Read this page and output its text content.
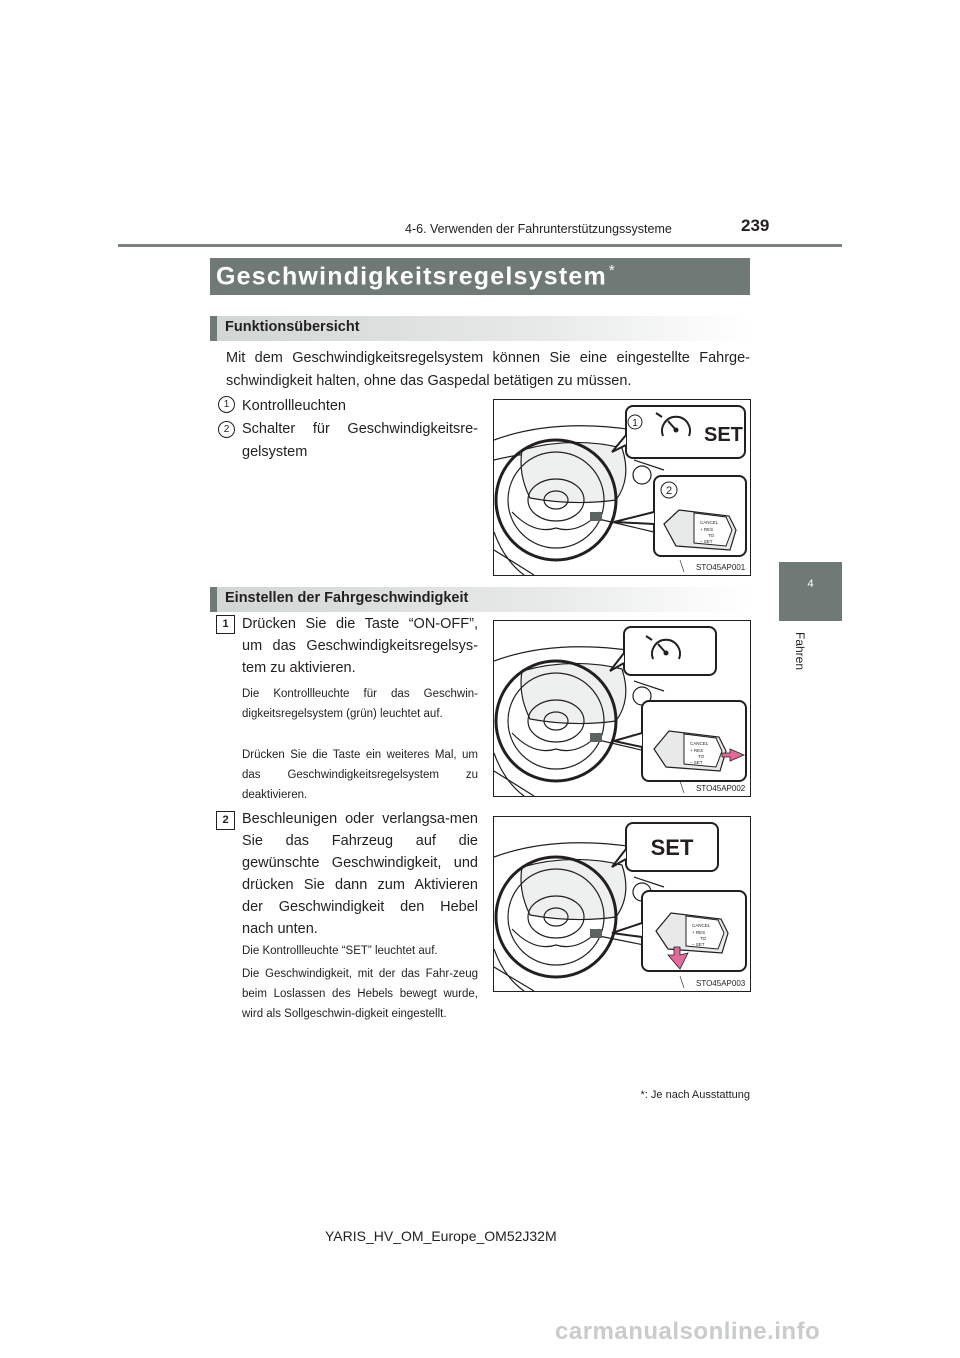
4-6. Verwenden der Fahrunterstützungssysteme	239
4
Fahren
Geschwindigkeitsregelsystem *
Funktionsübersicht
Mit dem Geschwindigkeitsregelsystem können Sie eine eingestellte Fahrge-schwindigkeit halten, ohne das Gaspedal betätigen zu müssen.
1 Kontrollleuchten
2 Schalter für Geschwindigkeitsre-gelsystem
1
SET
2
CANCEL
+ RES
TO
– SET
STO45AP001
Einstellen der Fahrgeschwindigkeit
1 Drücken Sie die Taste “ON-OFF”, um das Geschwindigkeitsregelsys-tem zu aktivieren.
Die Kontrollleuchte für das Geschwin-digkeitsregelsystem (grün) leuchtet auf.
Drücken Sie die Taste ein weiteres Mal, um das Geschwindigkeitsregelsystem zu deaktivieren.
CANCEL
+ RES
TO
– SET
STO45AP002
2 Beschleunigen oder verlangsa-men Sie das Fahrzeug auf die gewünschte Geschwindigkeit, und drücken Sie dann zum Aktivieren der Geschwindigkeit den Hebel nach unten.
Die Kontrollleuchte “SET” leuchtet auf.
Die Geschwindigkeit, mit der das Fahr-zeug beim Loslassen des Hebels bewegt wurde, wird als Sollgeschwin-digkeit eingestellt.
SET
CANCEL
+ RES
TO
– SET
STO45AP003
*: Je nach Ausstattung
YARIS_HV_OM_Europe_OM52J32M
carmanualsonline.info
